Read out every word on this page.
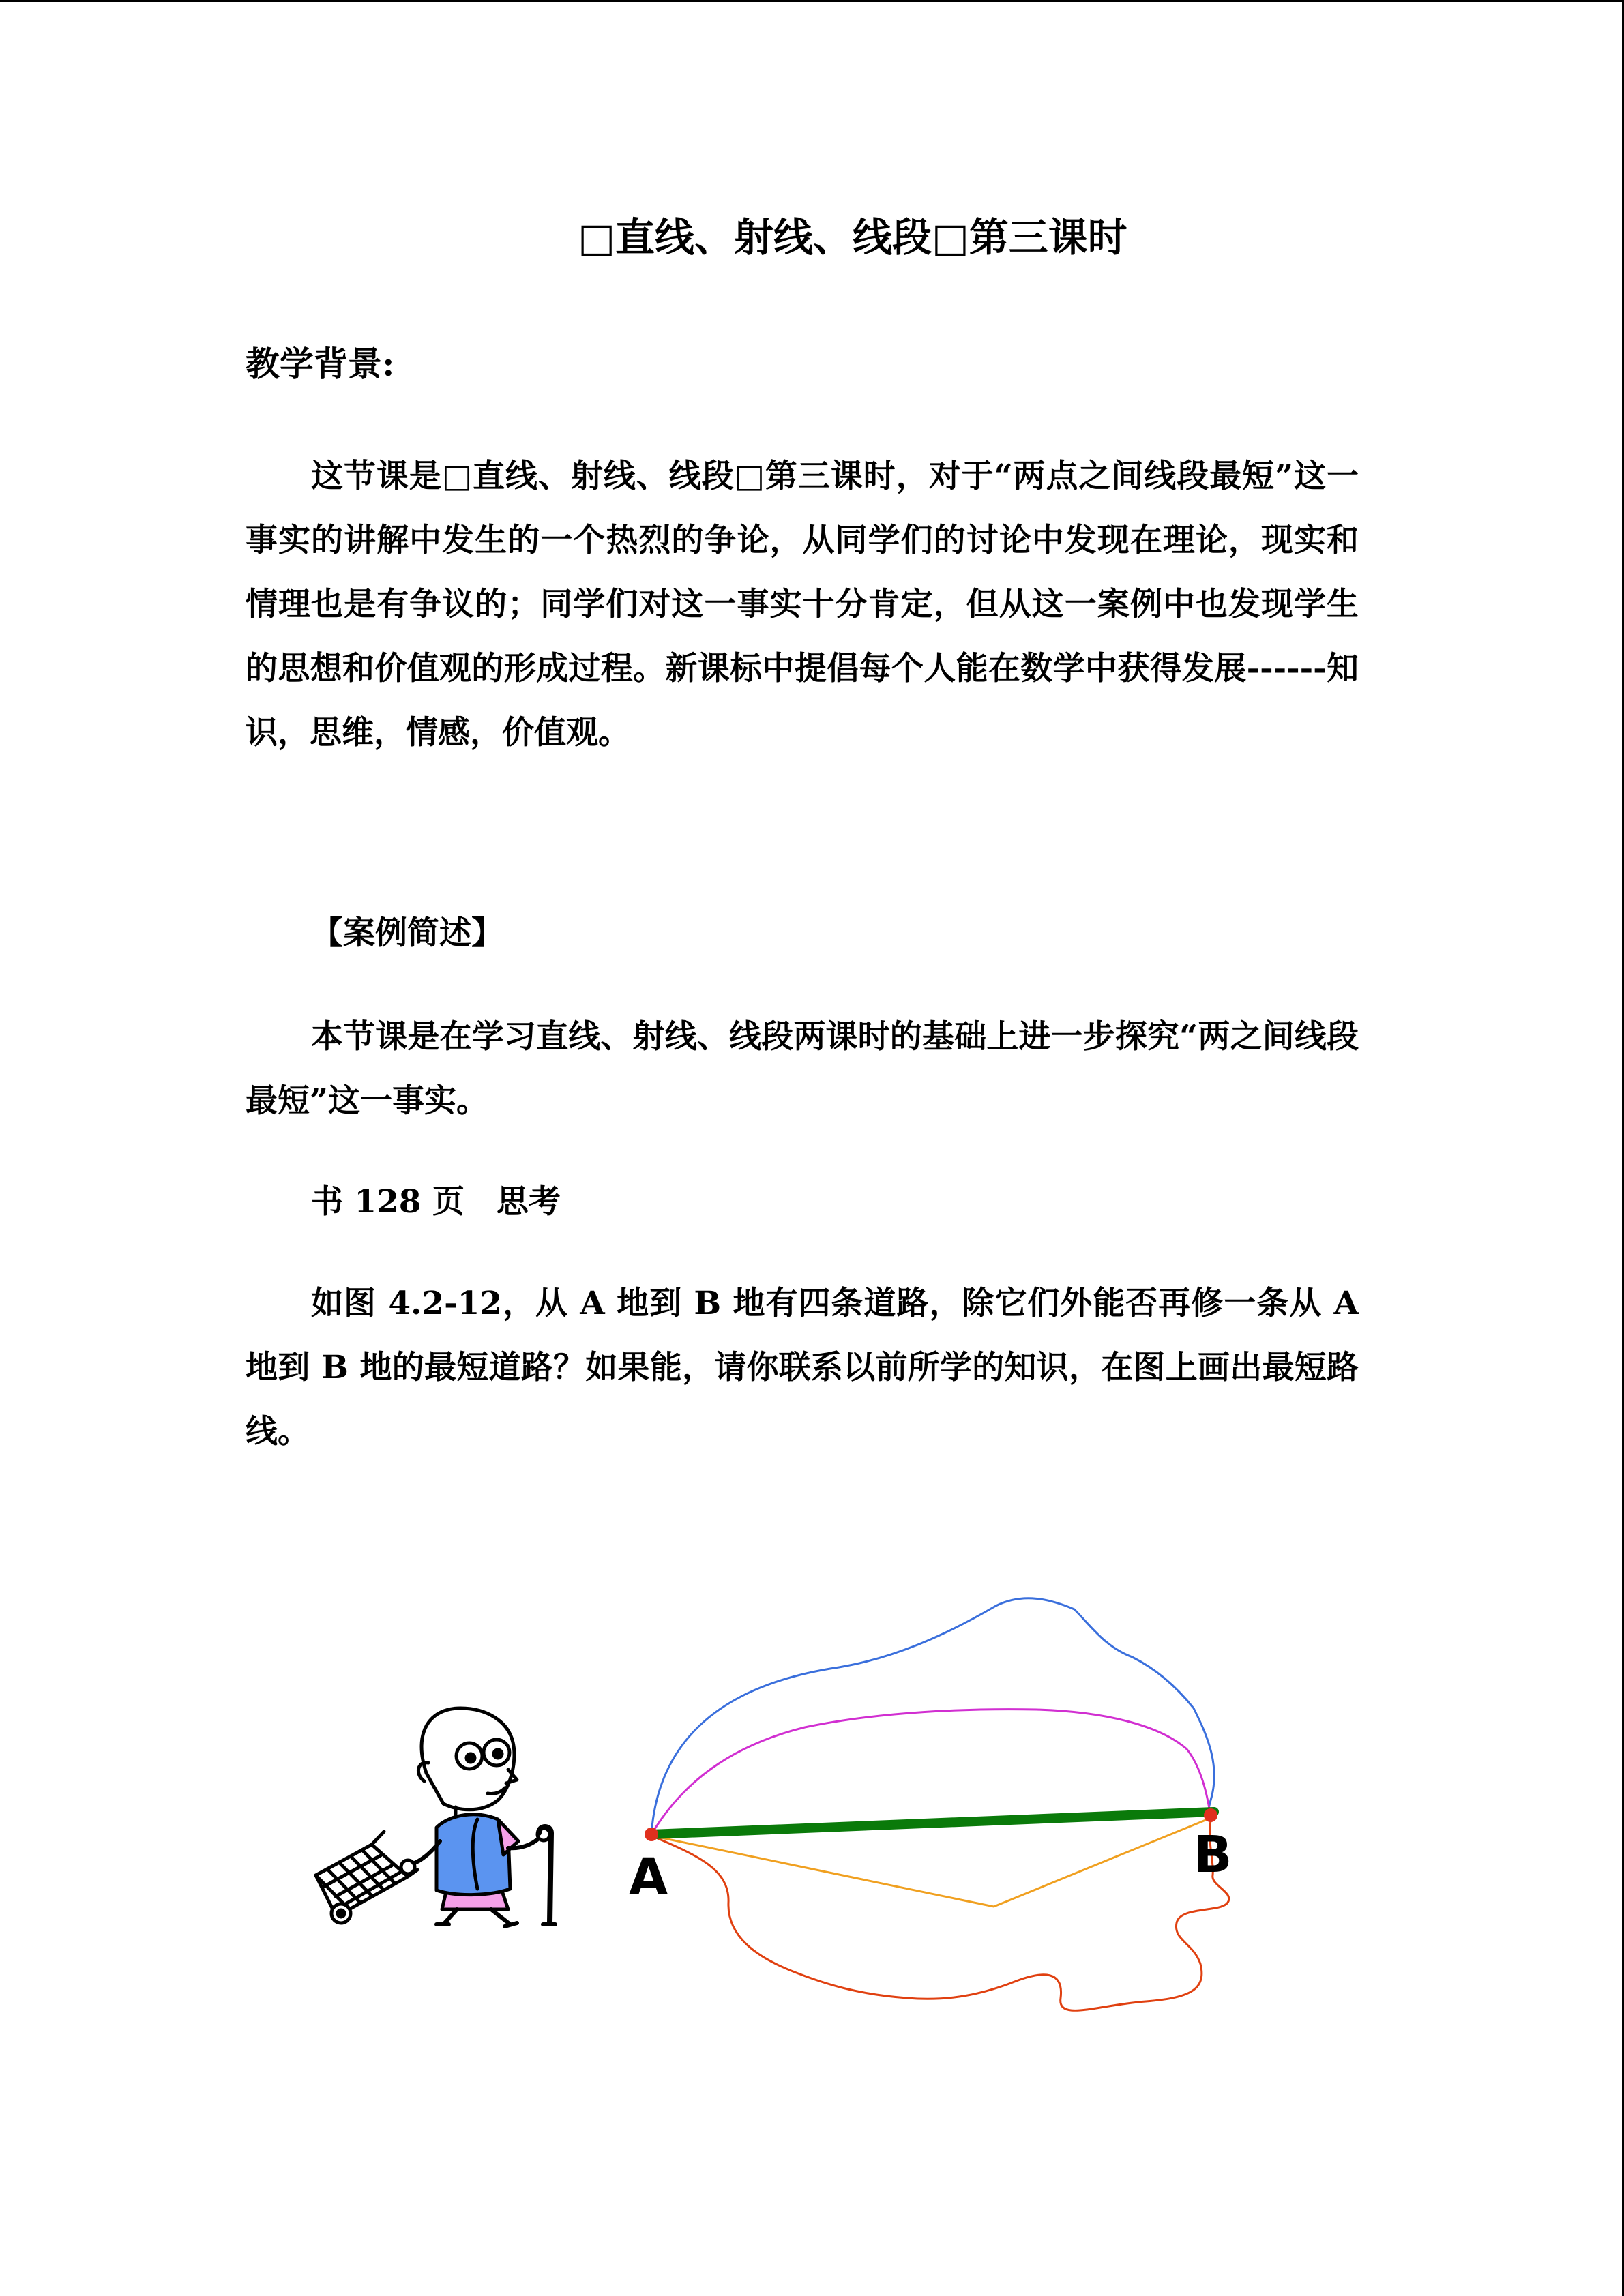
□直线、射线、线段□第三课时
教学背景:

这节课是□直线、射线、线段□第三课时，对于“两点之间线段最短”这一事实的讲解中发生的一个热烈的争论，从同学们的讨论中发现在理论，现实和情理也是有争议的；同学们对这一事实十分肯定，但从这一案例中也发现学生的思想和价值观的形成过程。新课标中提倡每个人能在数学中获得发展------知识，思维，情感，价值观。

【案例简述】

本节课是在学习直线、射线、线段两课时的基础上进一步探究“两之间线段最短”这一事实。

书 128 页　思考

如图 4.2-12，从 A 地到 B 地有四条道路，除它们外能否再修一条从 A 地到 B 地的最短道路？如果能，请你联系以前所学的知识，在图上画出最短路线。

A	B
